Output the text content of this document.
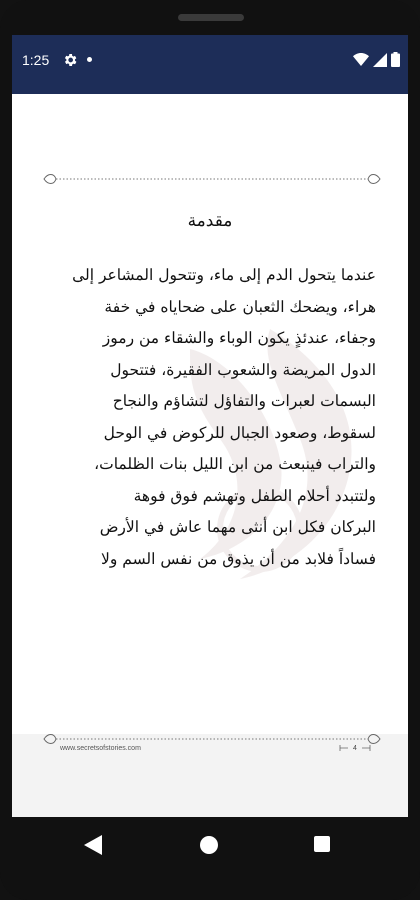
1:25
مقدمة
عندما يتحول الدم إلى ماء، وتتحول المشاعر إلى
هراء، ويضحك الثعبان على ضحاياه في خفة
وجفاء، عندئذٍ يكون الوباء والشقاء من رموز
الدول المريضة والشعوب الفقيرة، فتتحول
البسمات لعبرات والتفاؤل لتشاؤم والنجاح
لسقوط، وصعود الجبال للركوض في الوحل
والتراب فينبعث من ابن الليل بنات الظلمات،
ولتتبدد أحلام الطفل وتهشم فوق فوهة
البركان فكل ابن أنثى مهما عاش في الأرض
فساداً فلابد من أن يذوق من نفس السم ولا
www.secretsofstories.com	4
